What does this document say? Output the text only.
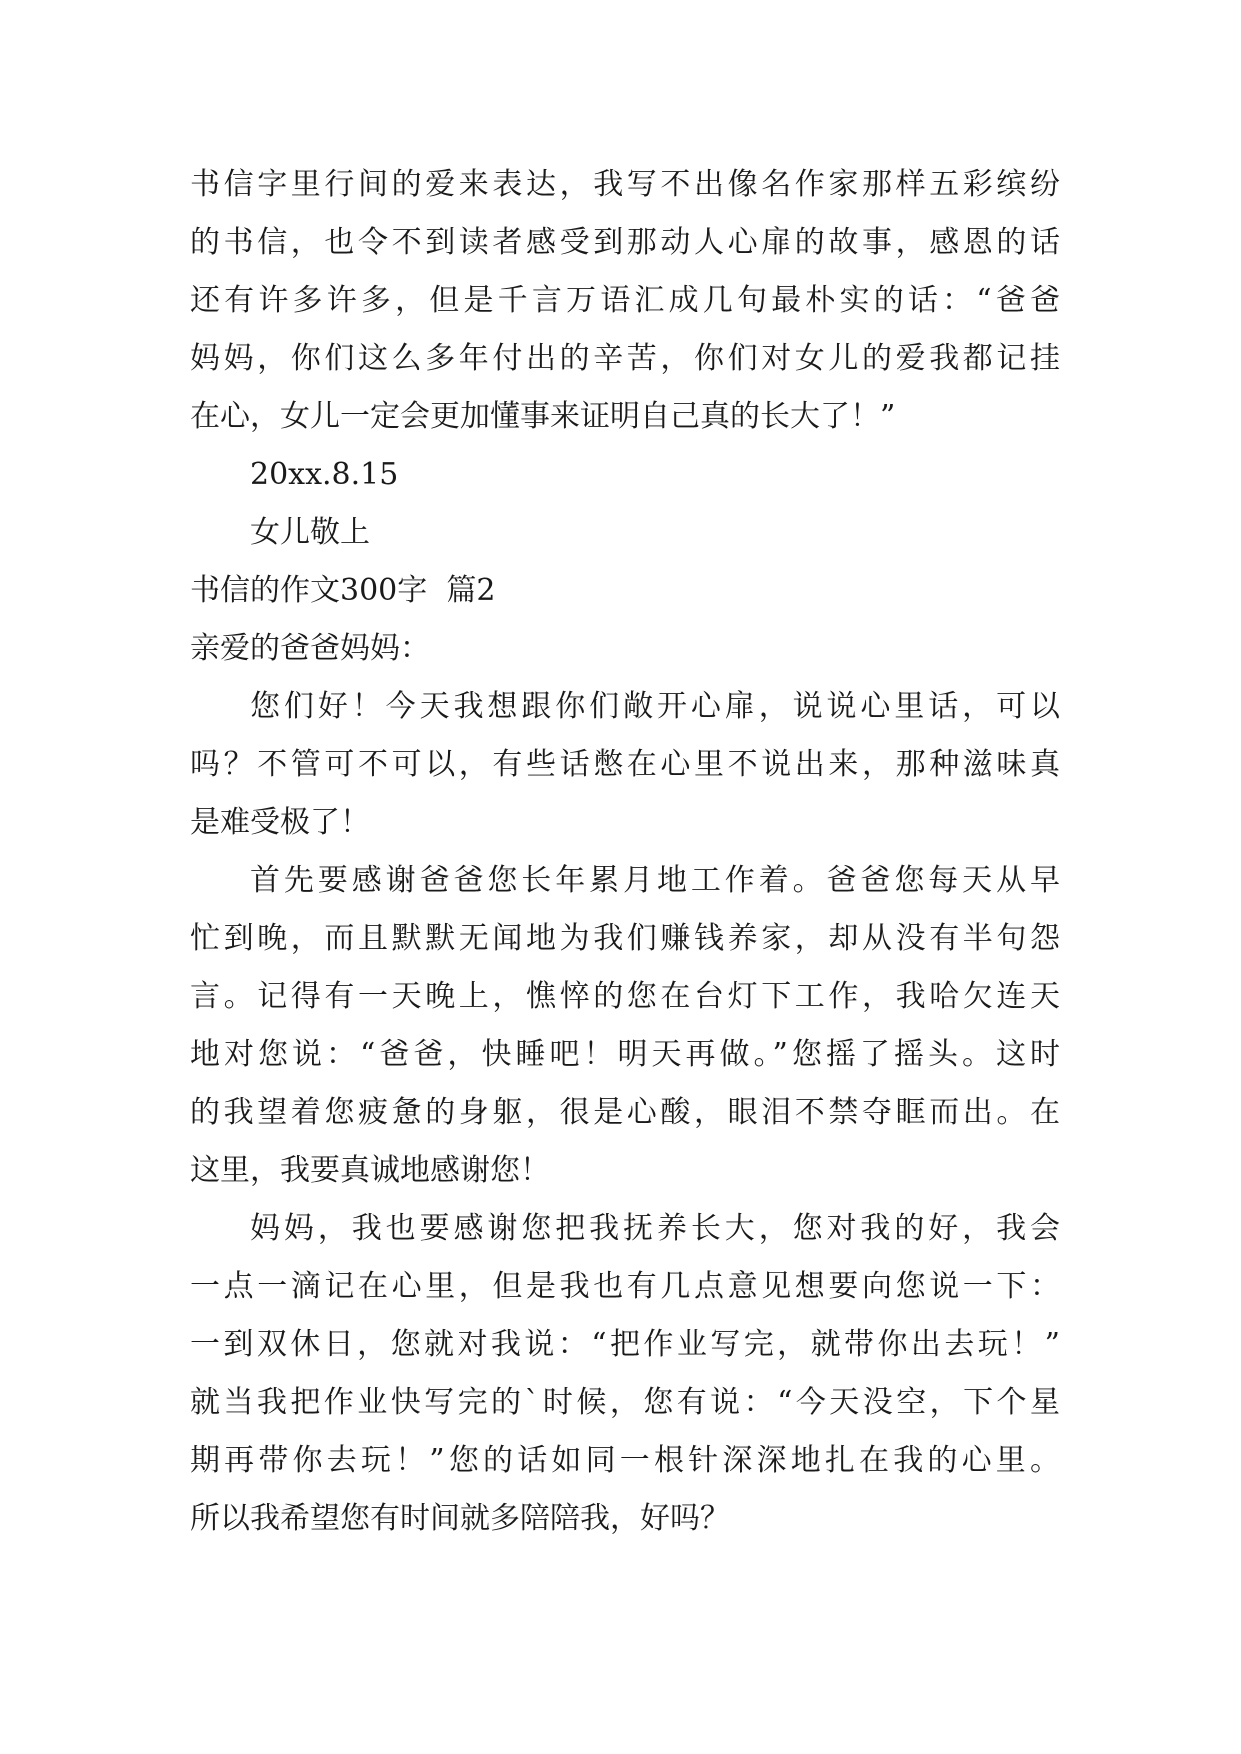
书信字里行间的爱来表达，我写不出像名作家那样五彩缤纷
的书信，也令不到读者感受到那动人心扉的故事，感恩的话
还有许多许多，但是千言万语汇成几句最朴实的话：“爸爸
妈妈，你们这么多年付出的辛苦，你们对女儿的爱我都记挂
在心，女儿一定会更加懂事来证明自己真的长大了！”
20xx.8.15
女儿敬上
书信的作文300字  篇2
亲爱的爸爸妈妈：
您们好！今天我想跟你们敞开心扉，说说心里话，可以
吗？不管可不可以，有些话憋在心里不说出来，那种滋味真
是难受极了！
首先要感谢爸爸您长年累月地工作着。爸爸您每天从早
忙到晚，而且默默无闻地为我们赚钱养家，却从没有半句怨
言。记得有一天晚上，憔悴的您在台灯下工作，我哈欠连天
地对您说：“爸爸，快睡吧！明天再做。”您摇了摇头。这时
的我望着您疲惫的身躯，很是心酸，眼泪不禁夺眶而出。在
这里，我要真诚地感谢您！
妈妈，我也要感谢您把我抚养长大，您对我的好，我会
一点一滴记在心里，但是我也有几点意见想要向您说一下：
一到双休日，您就对我说：“把作业写完，就带你出去玩！”
就当我把作业快写完的`时候，您有说：“今天没空，下个星
期再带你去玩！”您的话如同一根针深深地扎在我的心里。
所以我希望您有时间就多陪陪我，好吗？
